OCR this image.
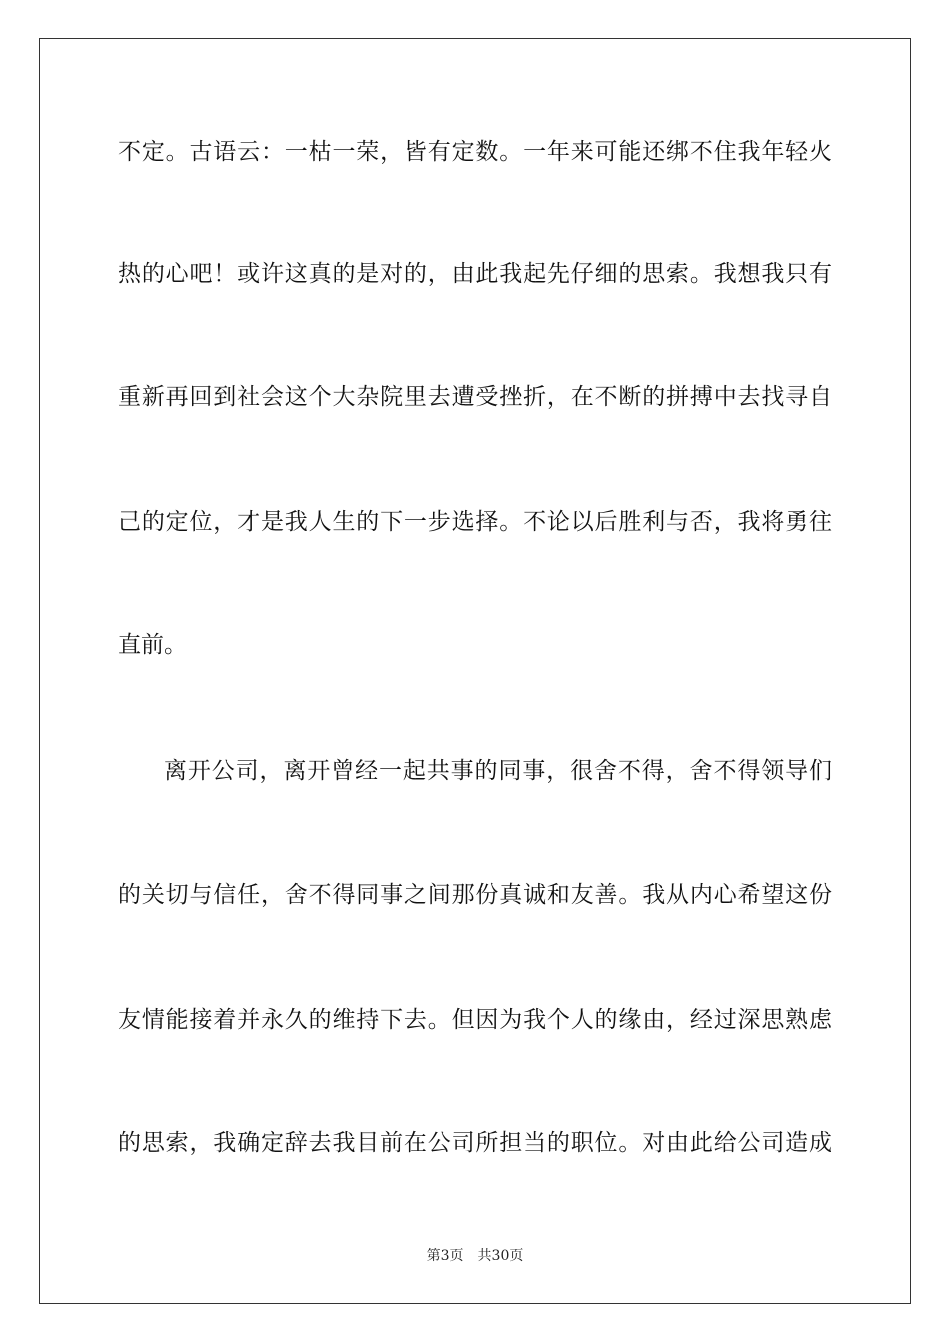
不定。古语云：一枯一荣，皆有定数。一年来可能还绑不住我年轻火
热的心吧！或许这真的是对的，由此我起先仔细的思索。我想我只有
重新再回到社会这个大杂院里去遭受挫折，在不断的拼搏中去找寻自
己的定位，才是我人生的下一步选择。不论以后胜利与否，我将勇往
直前。
离开公司，离开曾经一起共事的同事，很舍不得，舍不得领导们
的关切与信任，舍不得同事之间那份真诚和友善。我从内心希望这份
友情能接着并永久的维持下去。但因为我个人的缘由，经过深思熟虑
的思索，我确定辞去我目前在公司所担当的职位。对由此给公司造成
第3页 共30页
